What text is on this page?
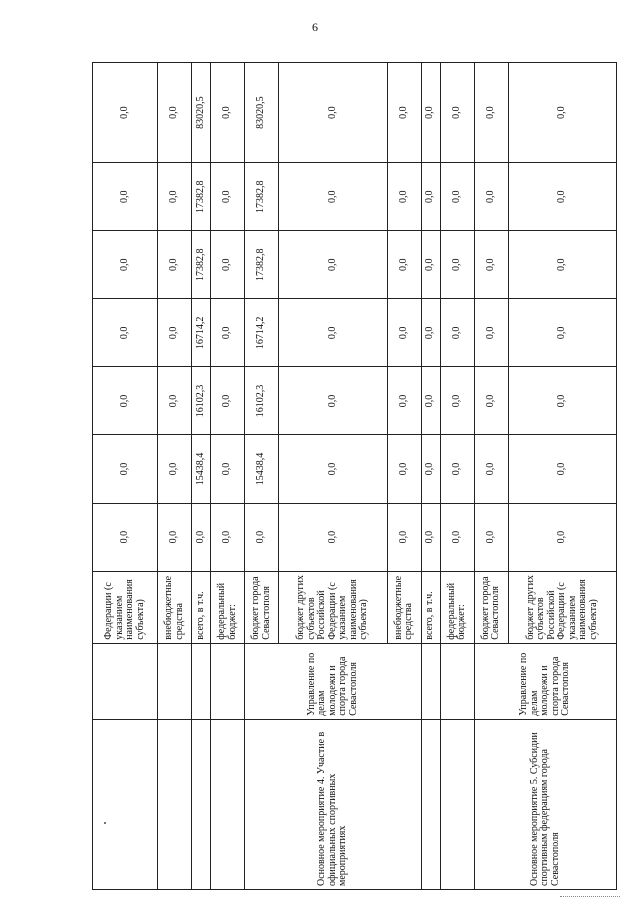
6
		Федерации (с указанием наименования субъекта)	0,0	0,0	0,0	0,0	0,0	0,0	0,0
		внебюджетные средства	0,0	0,0	0,0	0,0	0,0	0,0	0,0
		всего, в т.ч.	0,0	15438,4	16102,3	16714,2	17382,8	17382,8	83020,5
		федеральный бюджет:	0,0	0,0	0,0	0,0	0,0	0,0	0,0
Основное мероприятие 4. Участие в официальных спортивных мероприятиях	Управление по делам молодежи и спорта города Севастополя	бюджет города Севастополя	0,0	15438,4	16102,3	16714,2	17382,8	17382,8	83020,5
		бюджет других субъектов Российской Федерации (с указанием наименования субъекта)	0,0	0,0	0,0	0,0	0,0	0,0	0,0
		внебюджетные средства	0,0	0,0	0,0	0,0	0,0	0,0	0,0
		всего, в т.ч.	0,0	0,0	0,0	0,0	0,0	0,0	0,0
		федеральный бюджет:	0,0	0,0	0,0	0,0	0,0	0,0	0,0
Основное мероприятие 5. Субсидии спортивным федерациям города Севастополя	Управление по делам молодежи и спорта города Севастополя	бюджет города Севастополя	0,0	0,0	0,0	0,0	0,0	0,0	0,0
		бюджет других субъектов Российской Федерации (с указанием наименования субъекта)	0,0	0,0	0,0	0,0	0,0	0,0	0,0
